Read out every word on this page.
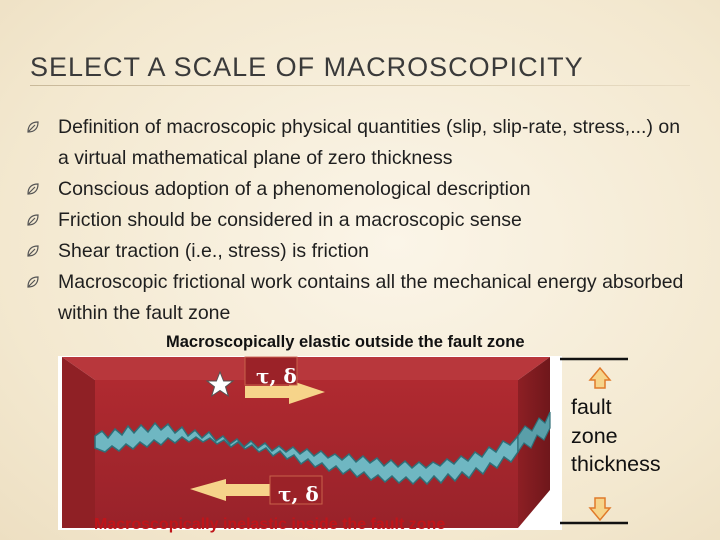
SELECT A SCALE OF MACROSCOPICITY
Definition of macroscopic physical quantities (slip, slip-rate, stress,...) on a virtual mathematical plane of zero thickness
Conscious adoption of a phenomenological description
Friction should be considered in a macroscopic sense
Shear traction (i.e., stress) is friction
Macroscopic frictional work contains all the mechanical energy absorbed within the fault zone
Macroscopically elastic outside the fault zone
τ, δ
τ, δ
fault
zone
thickness
Macroscopically inelastic inside the fault zone
